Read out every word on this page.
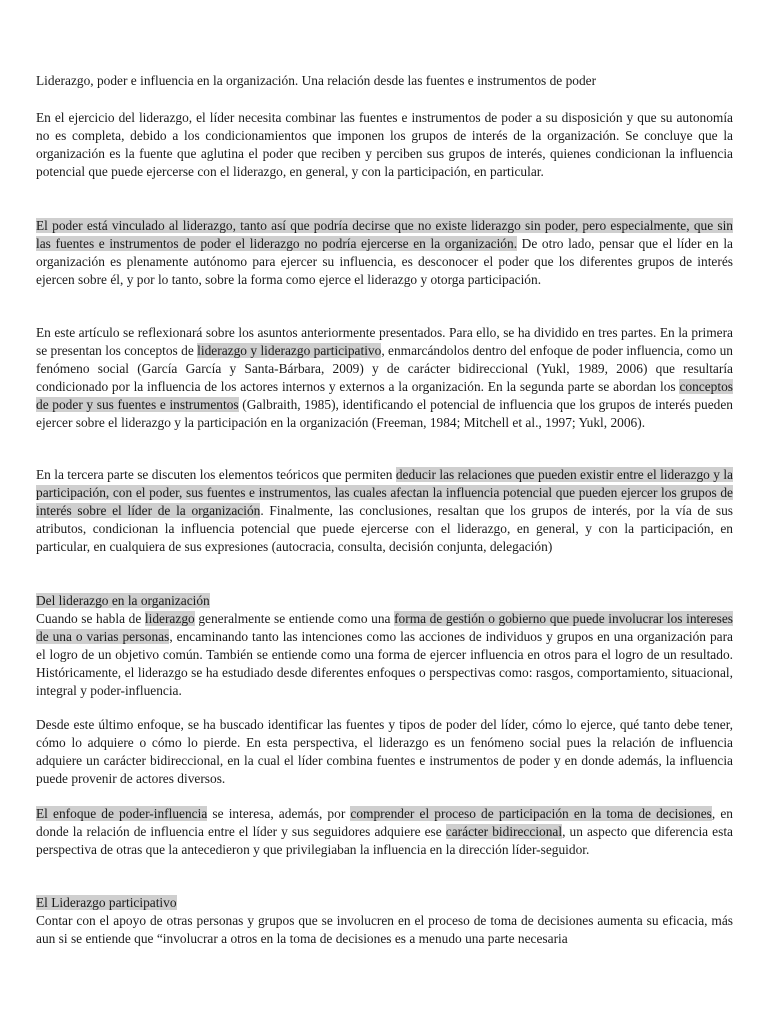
Liderazgo, poder e influencia en la organización. Una relación desde las fuentes e instrumentos de poder

En el ejercicio del liderazgo, el líder necesita combinar las fuentes e instrumentos de poder a su disposición y que su autonomía no es completa, debido a los condicionamientos que imponen los grupos de interés de la organización. Se concluye que la organización es la fuente que aglutina el poder que reciben y perciben sus grupos de interés, quienes condicionan la influencia potencial que puede ejercerse con el liderazgo, en general, y con la participación, en particular.

El poder está vinculado al liderazgo, tanto así que podría decirse que no existe liderazgo sin poder, pero especialmente, que sin las fuentes e instrumentos de poder el liderazgo no podría ejercerse en la organización. De otro lado, pensar que el líder en la organización es plenamente autónomo para ejercer su influencia, es desconocer el poder que los diferentes grupos de interés ejercen sobre él, y por lo tanto, sobre la forma como ejerce el liderazgo y otorga participación.

En este artículo se reflexionará sobre los asuntos anteriormente presentados. Para ello, se ha dividido en tres partes. En la primera se presentan los conceptos de liderazgo y liderazgo participativo, enmarcándolos dentro del enfoque de poder influencia, como un fenómeno social (García García y Santa-Bárbara, 2009) y de carácter bidireccional (Yukl, 1989, 2006) que resultaría condicionado por la influencia de los actores internos y externos a la organización. En la segunda parte se abordan los conceptos de poder y sus fuentes e instrumentos (Galbraith, 1985), identificando el potencial de influencia que los grupos de interés pueden ejercer sobre el liderazgo y la participación en la organización (Freeman, 1984; Mitchell et al., 1997; Yukl, 2006).

En la tercera parte se discuten los elementos teóricos que permiten deducir las relaciones que pueden existir entre el liderazgo y la participación, con el poder, sus fuentes e instrumentos, las cuales afectan la influencia potencial que pueden ejercer los grupos de interés sobre el líder de la organización. Finalmente, las conclusiones, resaltan que los grupos de interés, por la vía de sus atributos, condicionan la influencia potencial que puede ejercerse con el liderazgo, en general, y con la participación, en particular, en cualquiera de sus expresiones (autocracia, consulta, decisión conjunta, delegación)

Del liderazgo en la organización

Cuando se habla de liderazgo generalmente se entiende como una forma de gestión o gobierno que puede involucrar los intereses de una o varias personas, encaminando tanto las intenciones como las acciones de individuos y grupos en una organización para el logro de un objetivo común. También se entiende como una forma de ejercer influencia en otros para el logro de un resultado. Históricamente, el liderazgo se ha estudiado desde diferentes enfoques o perspectivas como: rasgos, comportamiento, situacional, integral y poder-influencia.

Desde este último enfoque, se ha buscado identificar las fuentes y tipos de poder del líder, cómo lo ejerce, qué tanto debe tener, cómo lo adquiere o cómo lo pierde. En esta perspectiva, el liderazgo es un fenómeno social pues la relación de influencia adquiere un carácter bidireccional, en la cual el líder combina fuentes e instrumentos de poder y en donde además, la influencia puede provenir de actores diversos.

El enfoque de poder-influencia se interesa, además, por comprender el proceso de participación en la toma de decisiones, en donde la relación de influencia entre el líder y sus seguidores adquiere ese carácter bidireccional, un aspecto que diferencia esta perspectiva de otras que la antecedieron y que privilegiaban la influencia en la dirección líder-seguidor.

El Liderazgo participativo

Contar con el apoyo de otras personas y grupos que se involucren en el proceso de toma de decisiones aumenta su eficacia, más aun si se entiende que “involucrar a otros en la toma de decisiones es a menudo una parte necesaria
